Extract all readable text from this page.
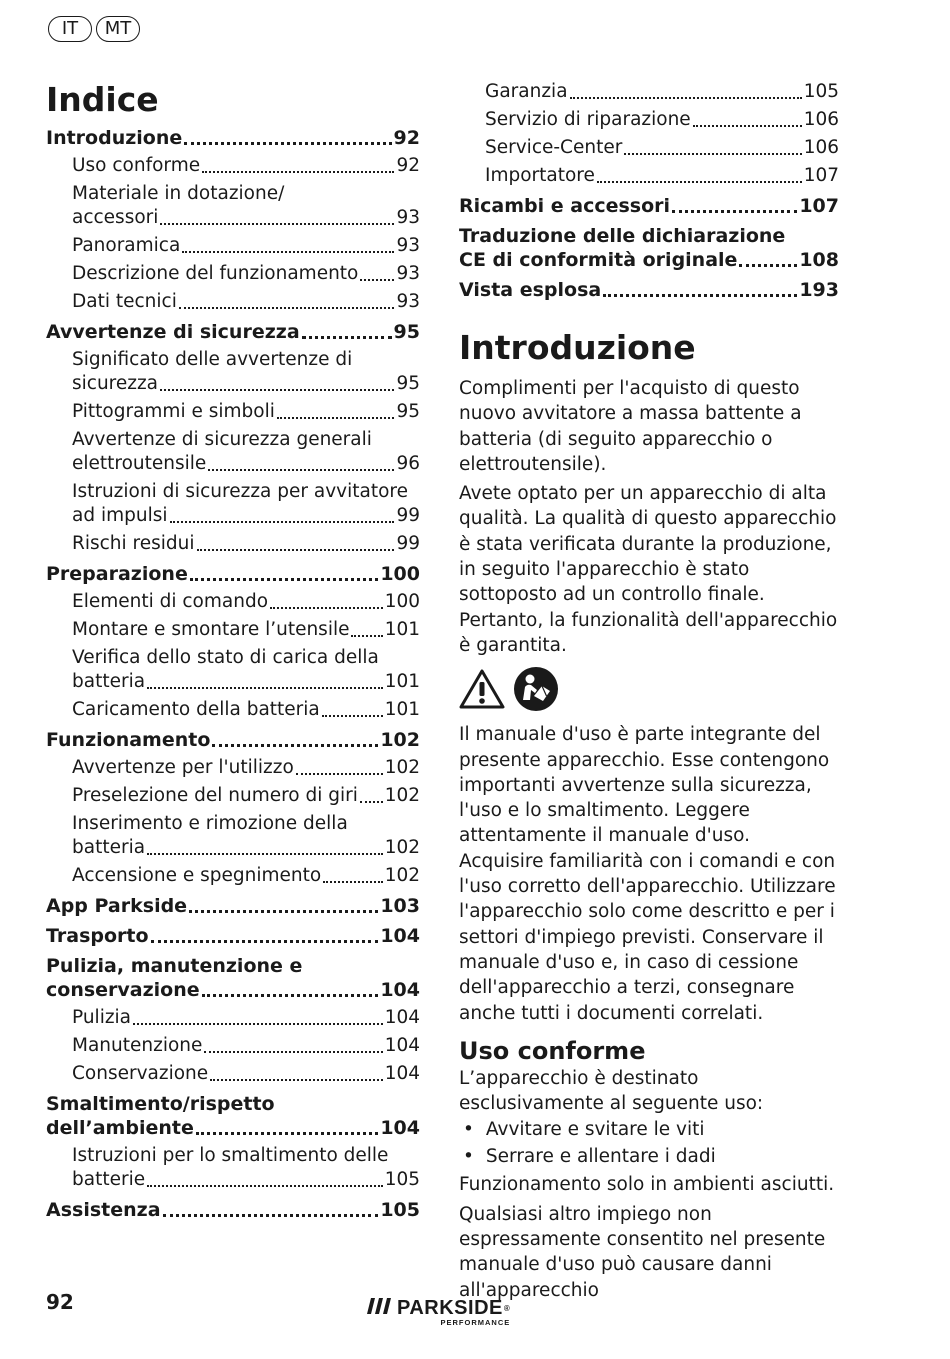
IT	MT
Indice
Introduzione	92
Uso conforme	92
Materiale in dotazione/
accessori	93
Panoramica	93
Descrizione del funzionamento 93
Dati tecnici	93
Avvertenze di sicurezza	95
Significato delle avvertenze di
sicurezza	95
Pittogrammi e simboli	95
Avvertenze di sicurezza generali
elettroutensile	96
Istruzioni di sicurezza per avvitatore
ad impulsi	99
Rischi residui	99
Preparazione	100
Elementi di comando	100
Montare e smontare l’utensile 101
Verifica dello stato di carica della
batteria	101
Caricamento della batteria	101
Funzionamento	102
Avvertenze per l'utilizzo	102
Preselezione del numero di giri 102
Inserimento e rimozione della
batteria	102
Accensione e spegnimento	102
App Parkside	103
Trasporto	104
Pulizia, manutenzione e
conservazione	104
Pulizia	104
Manutenzione	104
Conservazione	104
Smaltimento/rispetto
dell’ambiente	104
Istruzioni per lo smaltimento delle
batterie	105
Assistenza	105
Garanzia	105
Servizio di riparazione	106
Service-Center	106
Importatore	107
Ricambi e accessori	107
Traduzione delle dichiarazione
CE di conformità originale	108
Vista esplosa	193
Introduzione

Complimenti per l'acquisto di questo nuovo avvitatore a massa battente a batteria (di seguito apparecchio o elettroutensile).

Avete optato per un apparecchio di alta qualità. La qualità di questo apparecchio è stata verificata durante la produzione, in seguito l'apparecchio è stato sottoposto ad un controllo finale. Pertanto, la funzionalità dell'apparecchio è garantita.

Il manuale d'uso è parte integrante del presente apparecchio. Esse contengono importanti avvertenze sulla sicurezza, l'uso e lo smaltimento. Leggere attentamente il manuale d'uso. Acquisire familiarità con i comandi e con l'uso corretto dell'apparecchio. Utilizzare l'apparecchio solo come descritto e per i settori d'impiego previsti. Conservare il manuale d'uso e, in caso di cessione dell'apparecchio a terzi, consegnare anche tutti i documenti correlati.

Uso conforme

L’apparecchio è destinato esclusivamente al seguente uso:

• Avvitare e svitare le viti
• Serrare e allentare i dadi

Funzionamento solo in ambienti asciutti.

Qualsiasi altro impiego non espressamente consentito nel presente manuale d'uso può causare danni all'apparecchio

92	PARKSIDE ®
PERFORMANCE
